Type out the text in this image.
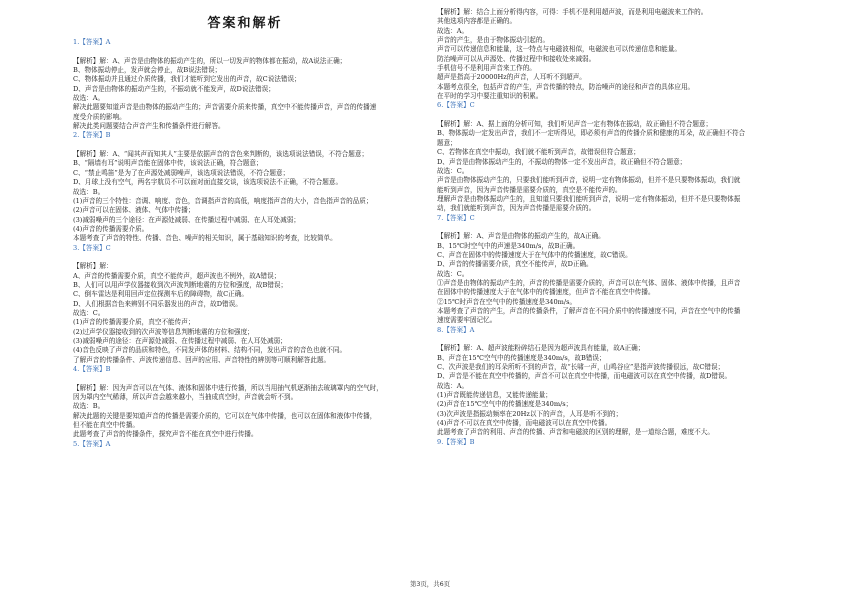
答案和解析
1.【答案】A
【解析】解：A、声音是由物体的振动产生的，所以一切发声的物体都在振动，故A说法正确；
B、物体振动停止，发声就会停止，故B说法错误；
C、物体振动并且通过介质传播，我们才能听到它发出的声音，故C说法错误；
D、声音是由物体的振动产生的，不振动就不能发声，故D说法错误；
故选：A。
解决此题要知道声音是由物体的振动产生的；声音需要介质来传播，真空中不能传播声音，声音的传播速
度受介质的影响。
解决此类问题要结合声音产生和传播条件进行解答。
2.【答案】B
【解析】解：A、“闻其声而知其人”主要是依据声音的音色来判断的，该选项说法错误，不符合题意；
B、“隔墙有耳”说明声音能在固体中传，该说法正确，符合题意；
C、“禁止鸣笛”是为了在声源处减弱噪声，该选项说法错误，不符合题意；
D、月球上没有空气，两名宇航员不可以面对面直接交谈，该选项说法不正确，不符合题意。
故选：B。
(1)声音的三个特性：音调、响度、音色，音调指声音的高低，响度指声音的大小，音色指声音的品质；
(2)声音可以在固体、液体、气体中传播；
(3)减弱噪声的三个途径：在声源处减弱、在传播过程中减弱、在人耳处减弱；
(4)声音的传播需要介质。
本题考查了声音的特性、传播、音色、噪声的相关知识，属于基础知识的考查，比较简单。
3.【答案】C
【解析】解：
A、声音的传播需要介质，真空不能传声，超声波也不例外，故A错误；
B、人们可以用声学仪器接收到次声波判断地震的方位和强度，故B错误；
C、倒车雷达是利用回声定位探测车后的障碍物，故C正确。
D、人们根据音色来辨别不同乐器发出的声音，故D错误。
故选：C。
(1)声音的传播需要介质，真空不能传声；
(2)过声学仪器接收到的次声波等信息判断地震的方位和强度；
(3)减弱噪声的途径：在声源处减弱、在传播过程中减弱、在人耳处减弱；
(4)音色反映了声音的品质和特色，不同发声体的材料、结构不同，发出声音的音色也就不同。
了解声音的传播条件、声波传递信息、回声的应用、声音特性的辨别等可顺利解答此题。
4.【答案】B
【解析】解：因为声音可以在气体、液体和固体中进行传播，所以当用抽气机逐渐抽去玻璃罩内的空气时，
因为罩内空气稀薄，所以声音会越来越小，当抽成真空时，声音就会听不到。
故选：B。
解决此题的关键是要知道声音的传播是需要介质的，它可以在气体中传播，也可以在固体和液体中传播，
但不能在真空中传播。
此题考查了声音的传播条件，探究声音不能在真空中进行传播。
5.【答案】A
【解析】解：结合上面分析得内容，可得：手机不是利用超声波，而是利用电磁波来工作的。
其他选项内容都是正确的。
故选：A。
声音的产生，是由于物体振动引起的。
声音可以传递信息和能量，这一特点与电磁波相似，电磁波也可以传递信息和能量。
防治噪声可以从声源处、传播过程中和接收处来减弱。
手机信号不是利用声音来工作的。
超声是指高于20000Hz的声音，人耳听不到超声。
本题考点很全，包括声音的产生，声音传播的特点，防治噪声的途径和声音的具体应用。
在平时的学习中要注重知识的积累。
6.【答案】C
【解析】解：A、据上面的分析可知，我们听见声音一定有物体在振动，故正确但不符合题意；
B、物体振动一定发出声音，我们不一定听得见，即必须有声音的传播介质和健康的耳朵，故正确但不符合
题意；
C、若物体在真空中振动，我们就不能听到声音，故错误但符合题意；
D、声音是由物体振动产生的，不振动的物体一定不发出声音，故正确但不符合题意；
故选：C。
声音是由物体振动产生的，只要我们能听到声音，说明一定有物体振动，但并不是只要物体振动，我们就
能听到声音，因为声音传播是需要介质的，真空是不能传声的。
理解声音是由物体振动产生的，且知道只要我们能听到声音，说明一定有物体振动，但并不是只要物体振
动，我们就能听到声音，因为声音传播是需要介质的。
7.【答案】C
【解析】解：A、声音是由物体的振动产生的，故A正确。
B、15℃时空气中的声速是340m/s，故B正确。
C、声音在固体中的传播速度大于在气体中的传播速度，故C错误。
D、声音的传播需要介质，真空不能传声，故D正确。
故选：C。
①声音是由物体的振动产生的，声音的传播是需要介质的，声音可以在气体、固体、液体中传播，且声音
在固体中的传播速度大于在气体中的传播速度，但声音不能在真空中传播。
②15℃时声音在空气中的传播速度是340m/s。
本题考查了声音的产生，声音的传播条件，了解声音在不同介质中的传播速度不同，声音在空气中的传播
速度需要牢固记忆。
8.【答案】A
【解析】解：A、超声波能粉碎结石是因为超声波具有能量，故A正确；
B、声音在15℃空气中的传播速度是340m/s，故B错误；
C、次声波是我们的耳朵所听不到的声音，故“长啸一声，山鸣谷应”是指声波传播很远，故C错误；
D、声音是不能在真空中传播的，声音不可以在真空中传播，而电磁波可以在真空中传播，故D错误。
故选：A。
(1)声音既能传递信息，又能传递能量；
(2)声音在15℃空气中的传播速度是340m/s；
(3)次声波是指振动频率在20Hz以下的声音，人耳是听不到的；
(4)声音不可以在真空中传播，而电磁波可以在真空中传播。
此题考查了声音的利用、声音的传播、声音和电磁波的区别的理解，是一道综合题，难度不大。
9.【答案】B
第3页，共6页
